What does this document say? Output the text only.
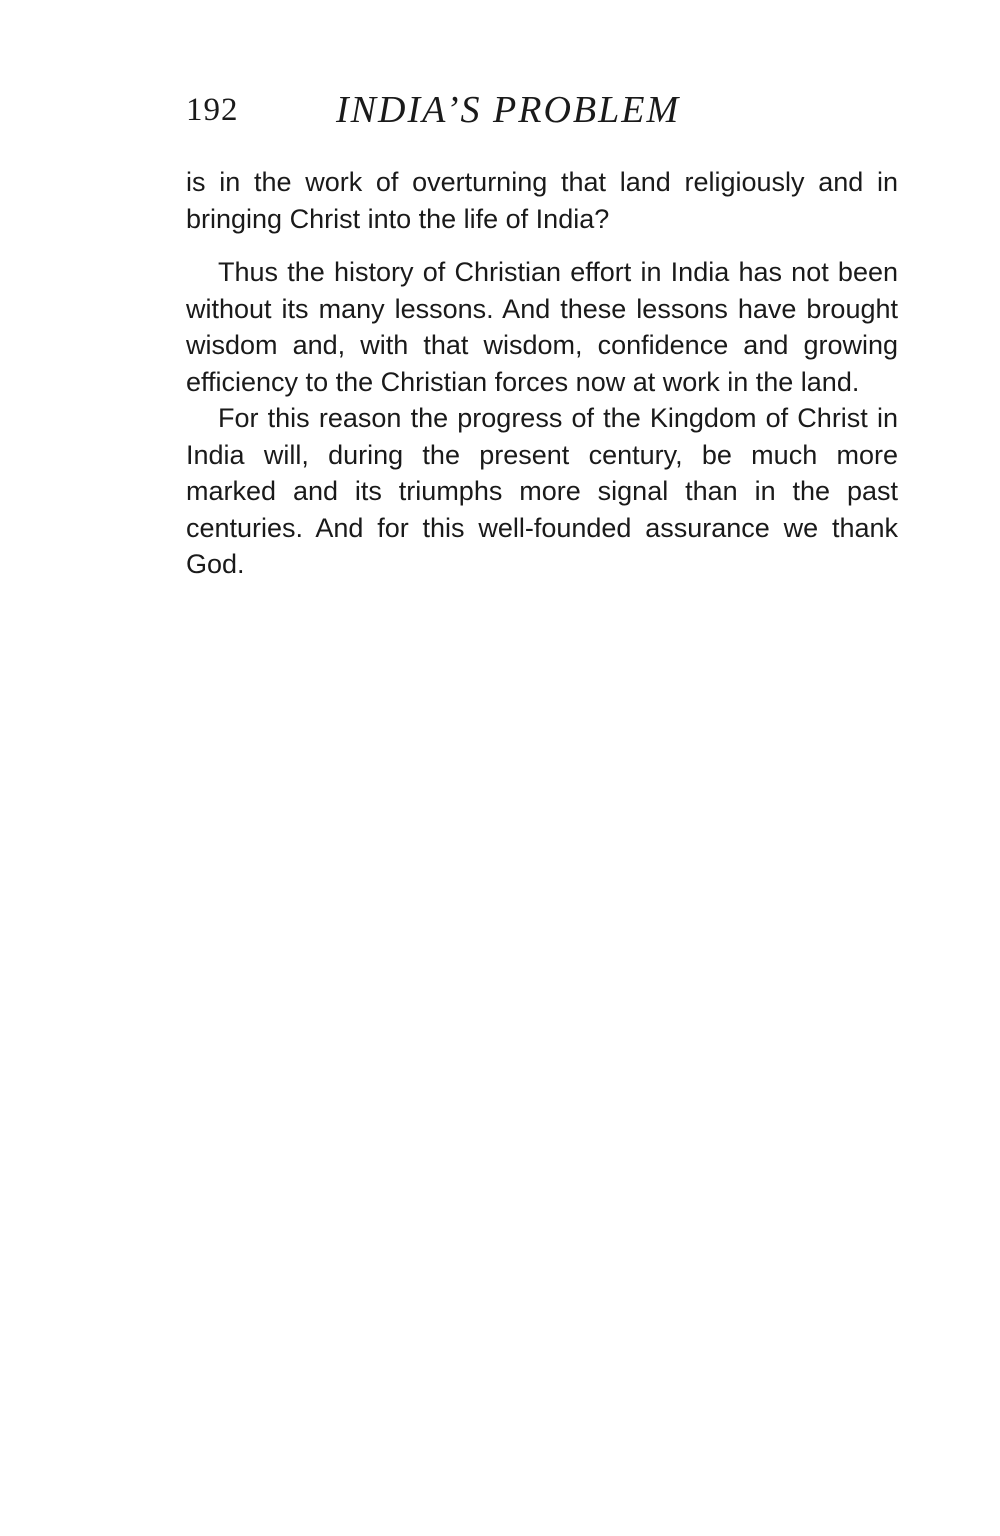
192	INDIA’S PROBLEM

is in the work of overturning that land religiously and in bringing Christ into the life of India?

Thus the history of Christian effort in India has not been without its many lessons. And these lessons have brought wisdom and, with that wisdom, confidence and growing efficiency to the Christian forces now at work in the land.

For this reason the progress of the Kingdom of Christ in India will, during the present century, be much more marked and its triumphs more signal than in the past centuries. And for this well-founded assurance we thank God.
